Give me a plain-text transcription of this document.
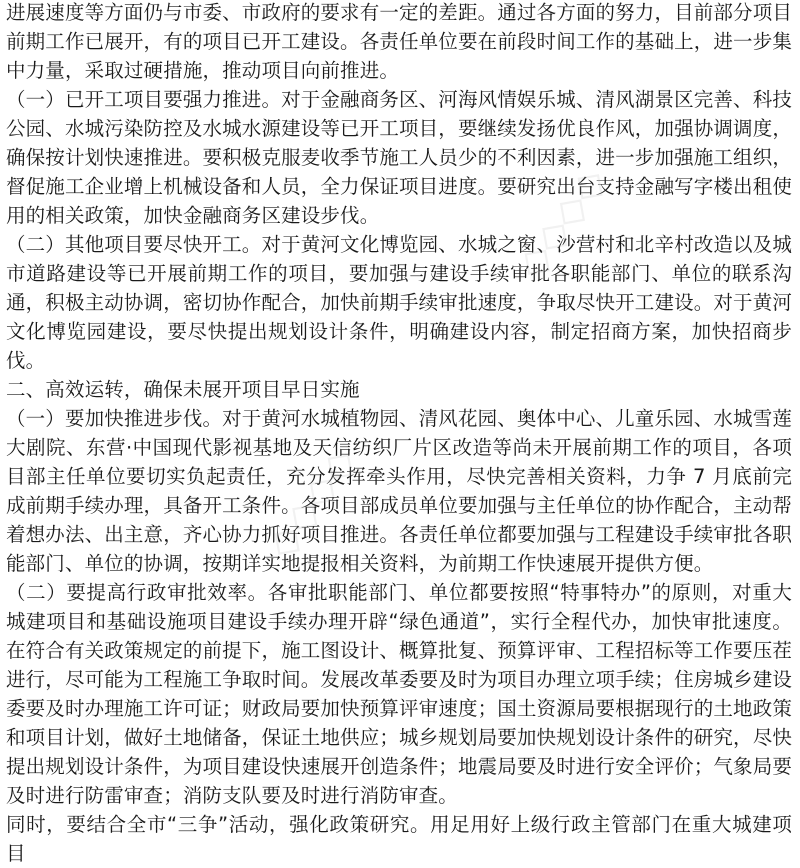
进展速度等方面仍与市委、市政府的要求有一定的差距。通过各方面的努力，目前部分项目前期工作已展开，有的项目已开工建设。各责任单位要在前段时间工作的基础上，进一步集中力量，采取过硬措施，推动项目向前推进。

（一）已开工项目要强力推进。对于金融商务区、河海风情娱乐城、清风湖景区完善、科技公园、水城污染防控及水城水源建设等已开工项目，要继续发扬优良作风，加强协调调度，确保按计划快速推进。要积极克服麦收季节施工人员少的不利因素，进一步加强施工组织，督促施工企业增上机械设备和人员，全力保证项目进度。要研究出台支持金融写字楼出租使用的相关政策，加快金融商务区建设步伐。

（二）其他项目要尽快开工。对于黄河文化博览园、水城之窗、沙营村和北辛村改造以及城市道路建设等已开展前期工作的项目，要加强与建设手续审批各职能部门、单位的联系沟通，积极主动协调，密切协作配合，加快前期手续审批速度，争取尽快开工建设。对于黄河文化博览园建设，要尽快提出规划设计条件，明确建设内容，制定招商方案，加快招商步伐。

二、高效运转，确保未展开项目早日实施

（一）要加快推进步伐。对于黄河水城植物园、清风花园、奥体中心、儿童乐园、水城雪莲大剧院、东营·中国现代影视基地及天信纺织厂片区改造等尚未开展前期工作的项目，各项目部主任单位要切实负起责任，充分发挥牵头作用，尽快完善相关资料，力争 7 月底前完成前期手续办理，具备开工条件。各项目部成员单位要加强与主任单位的协作配合，主动帮着想办法、出主意，齐心协力抓好项目推进。各责任单位都要加强与工程建设手续审批各职能部门、单位的协调，按期详实地提报相关资料，为前期工作快速展开提供方便。

（二）要提高行政审批效率。各审批职能部门、单位都要按照“特事特办”的原则，对重大城建项目和基础设施项目建设手续办理开辟“绿色通道”，实行全程代办，加快审批速度。在符合有关政策规定的前提下，施工图设计、概算批复、预算评审、工程招标等工作要压茬进行，尽可能为工程施工争取时间。发展改革委要及时为项目办理立项手续；住房城乡建设委要及时办理施工许可证；财政局要加快预算评审速度；国土资源局要根据现行的土地政策和项目计划，做好土地储备，保证土地供应；城乡规划局要加快规划设计条件的研究，尽快提出规划设计条件，为项目建设快速展开创造条件；地震局要及时进行安全评价；气象局要及时进行防雷审查；消防支队要及时进行消防审查。

同时，要结合全市“三争”活动，强化政策研究。用足用好上级行政主管部门在重大城建项目

◇◇◇◇
◇◇◇◇
